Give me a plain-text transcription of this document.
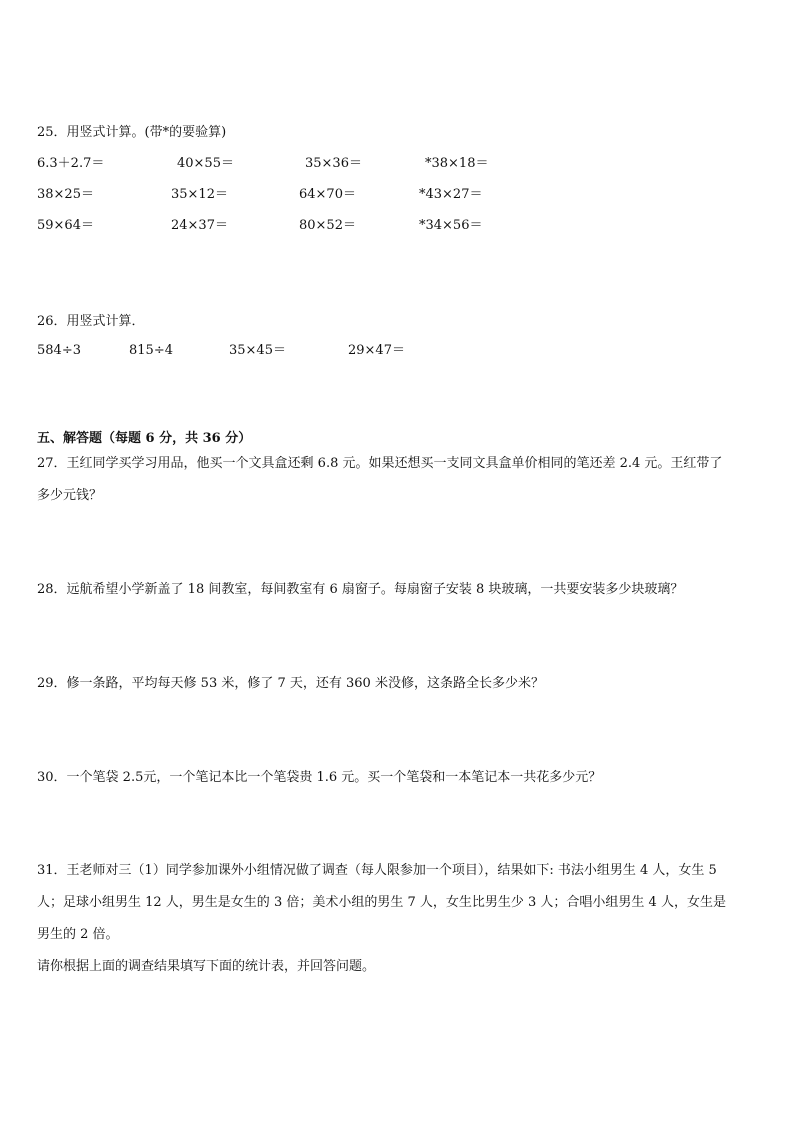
25．用竖式计算。(带*的要验算)
6.3＋2.7＝	40×55＝	35×36＝	*38×18＝
38×25＝	35×12＝	64×70＝	*43×27＝
59×64＝	24×37＝	80×52＝	*34×56＝
26．用竖式计算．
584÷3	815÷4	35×45＝	29×47＝
五、解答题（每题 6 分，共 36 分）
27．王红同学买学习用品，他买一个文具盒还剩 6.8 元。如果还想买一支同文具盒单价相同的笔还差 2.4 元。王红带了
多少元钱？
28．远航希望小学新盖了 18 间教室，每间教室有 6 扇窗子。每扇窗子安装 8 块玻璃，一共要安装多少块玻璃？
29．修一条路，平均每天修 53 米，修了 7 天，还有 360 米没修，这条路全长多少米？
30．一个笔袋 2.5元，一个笔记本比一个笔袋贵 1.6 元。买一个笔袋和一本笔记本一共花多少元？
31．王老师对三（1）同学参加课外小组情况做了调查（每人限参加一个项目），结果如下: 书法小组男生 4 人，女生 5
人；足球小组男生 12 人，男生是女生的 3 倍；美术小组的男生 7 人，女生比男生少 3 人；合唱小组男生 4 人，女生是
男生的 2 倍。
请你根据上面的调查结果填写下面的统计表，并回答问题。
